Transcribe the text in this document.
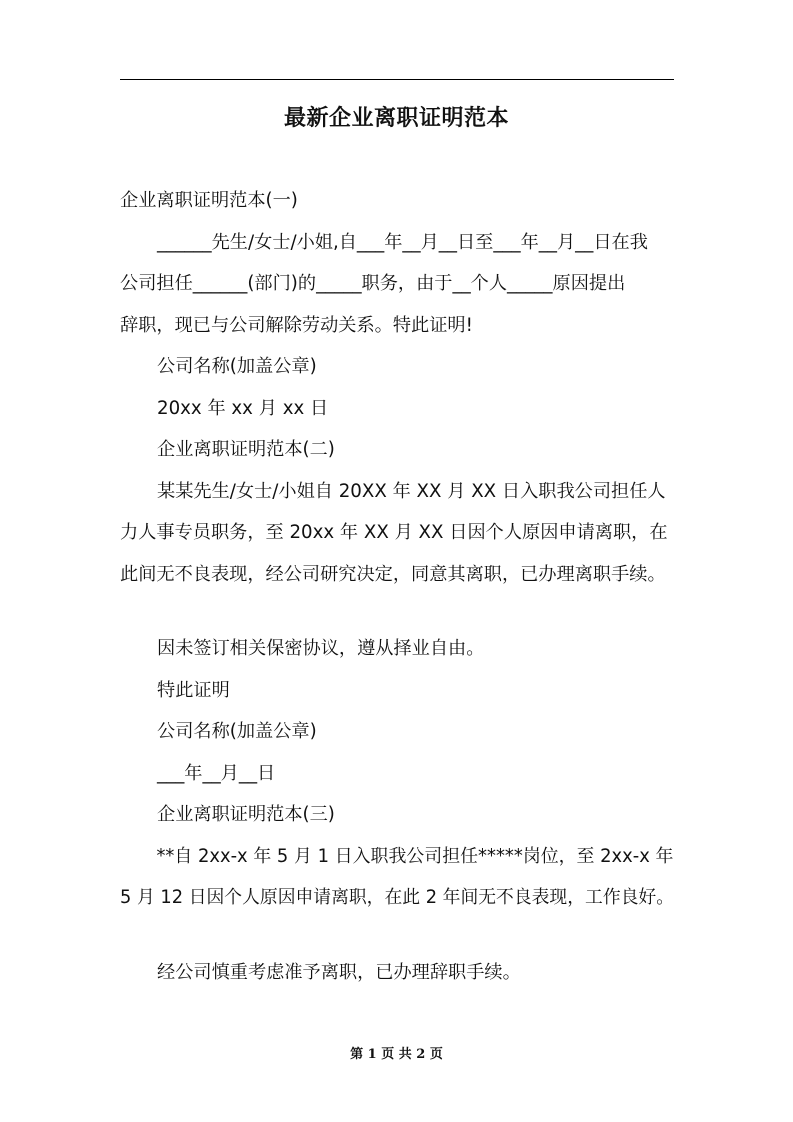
最新企业离职证明范本
企业离职证明范本(一)
______先生/女士/小姐,自___年__月__日至___年__月__日在我
公司担任______(部门)的_____职务，由于__个人_____原因提出
辞职，现已与公司解除劳动关系。特此证明!
公司名称(加盖公章)
20xx 年 xx 月 xx 日
企业离职证明范本(二)
某某先生/女士/小姐自 20XX 年 XX 月 XX 日入职我公司担任人
力人事专员职务，至 20xx 年 XX 月 XX 日因个人原因申请离职，在
此间无不良表现，经公司研究决定，同意其离职，已办理离职手续。
因未签订相关保密协议，遵从择业自由。
特此证明
公司名称(加盖公章)
___年__月__日
企业离职证明范本(三)
**自 2xx-x 年 5 月 1 日入职我公司担任*****岗位，至 2xx-x 年
5 月 12 日因个人原因申请离职，在此 2 年间无不良表现，工作良好。
经公司慎重考虑准予离职，已办理辞职手续。
第 1 页 共 2 页
